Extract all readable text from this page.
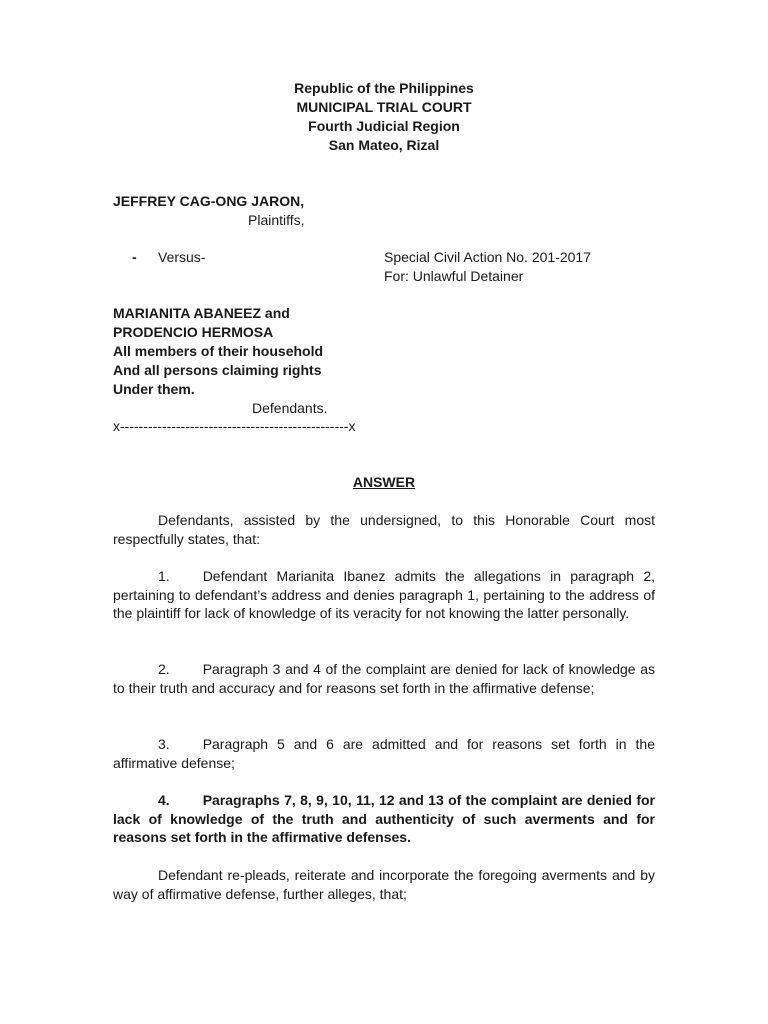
Republic of the Philippines
MUNICIPAL TRIAL COURT
Fourth Judicial Region
San Mateo, Rizal
JEFFREY CAG-ONG JARON,
Plaintiffs,
- Versus-	Special Civil Action No. 201-2017
For: Unlawful Detainer
MARIANITA ABANEEZ and
PRODENCIO HERMOSA
All members of their household
And all persons claiming rights
Under them.
Defendants.
x-------------------------------------------------x
ANSWER
Defendants, assisted by the undersigned, to this Honorable Court most respectfully states, that:
1. Defendant Marianita Ibanez admits the allegations in paragraph 2, pertaining to defendant’s address and denies paragraph 1, pertaining to the address of the plaintiff for lack of knowledge of its veracity for not knowing the latter personally.
2. Paragraph 3 and 4 of the complaint are denied for lack of knowledge as to their truth and accuracy and for reasons set forth in the affirmative defense;
3. Paragraph 5 and 6 are admitted and for reasons set forth in the affirmative defense;
4. Paragraphs 7, 8, 9, 10, 11, 12 and 13 of the complaint are denied for lack of knowledge of the truth and authenticity of such averments and for reasons set forth in the affirmative defenses.
Defendant re-pleads, reiterate and incorporate the foregoing averments and by way of affirmative defense, further alleges, that;
